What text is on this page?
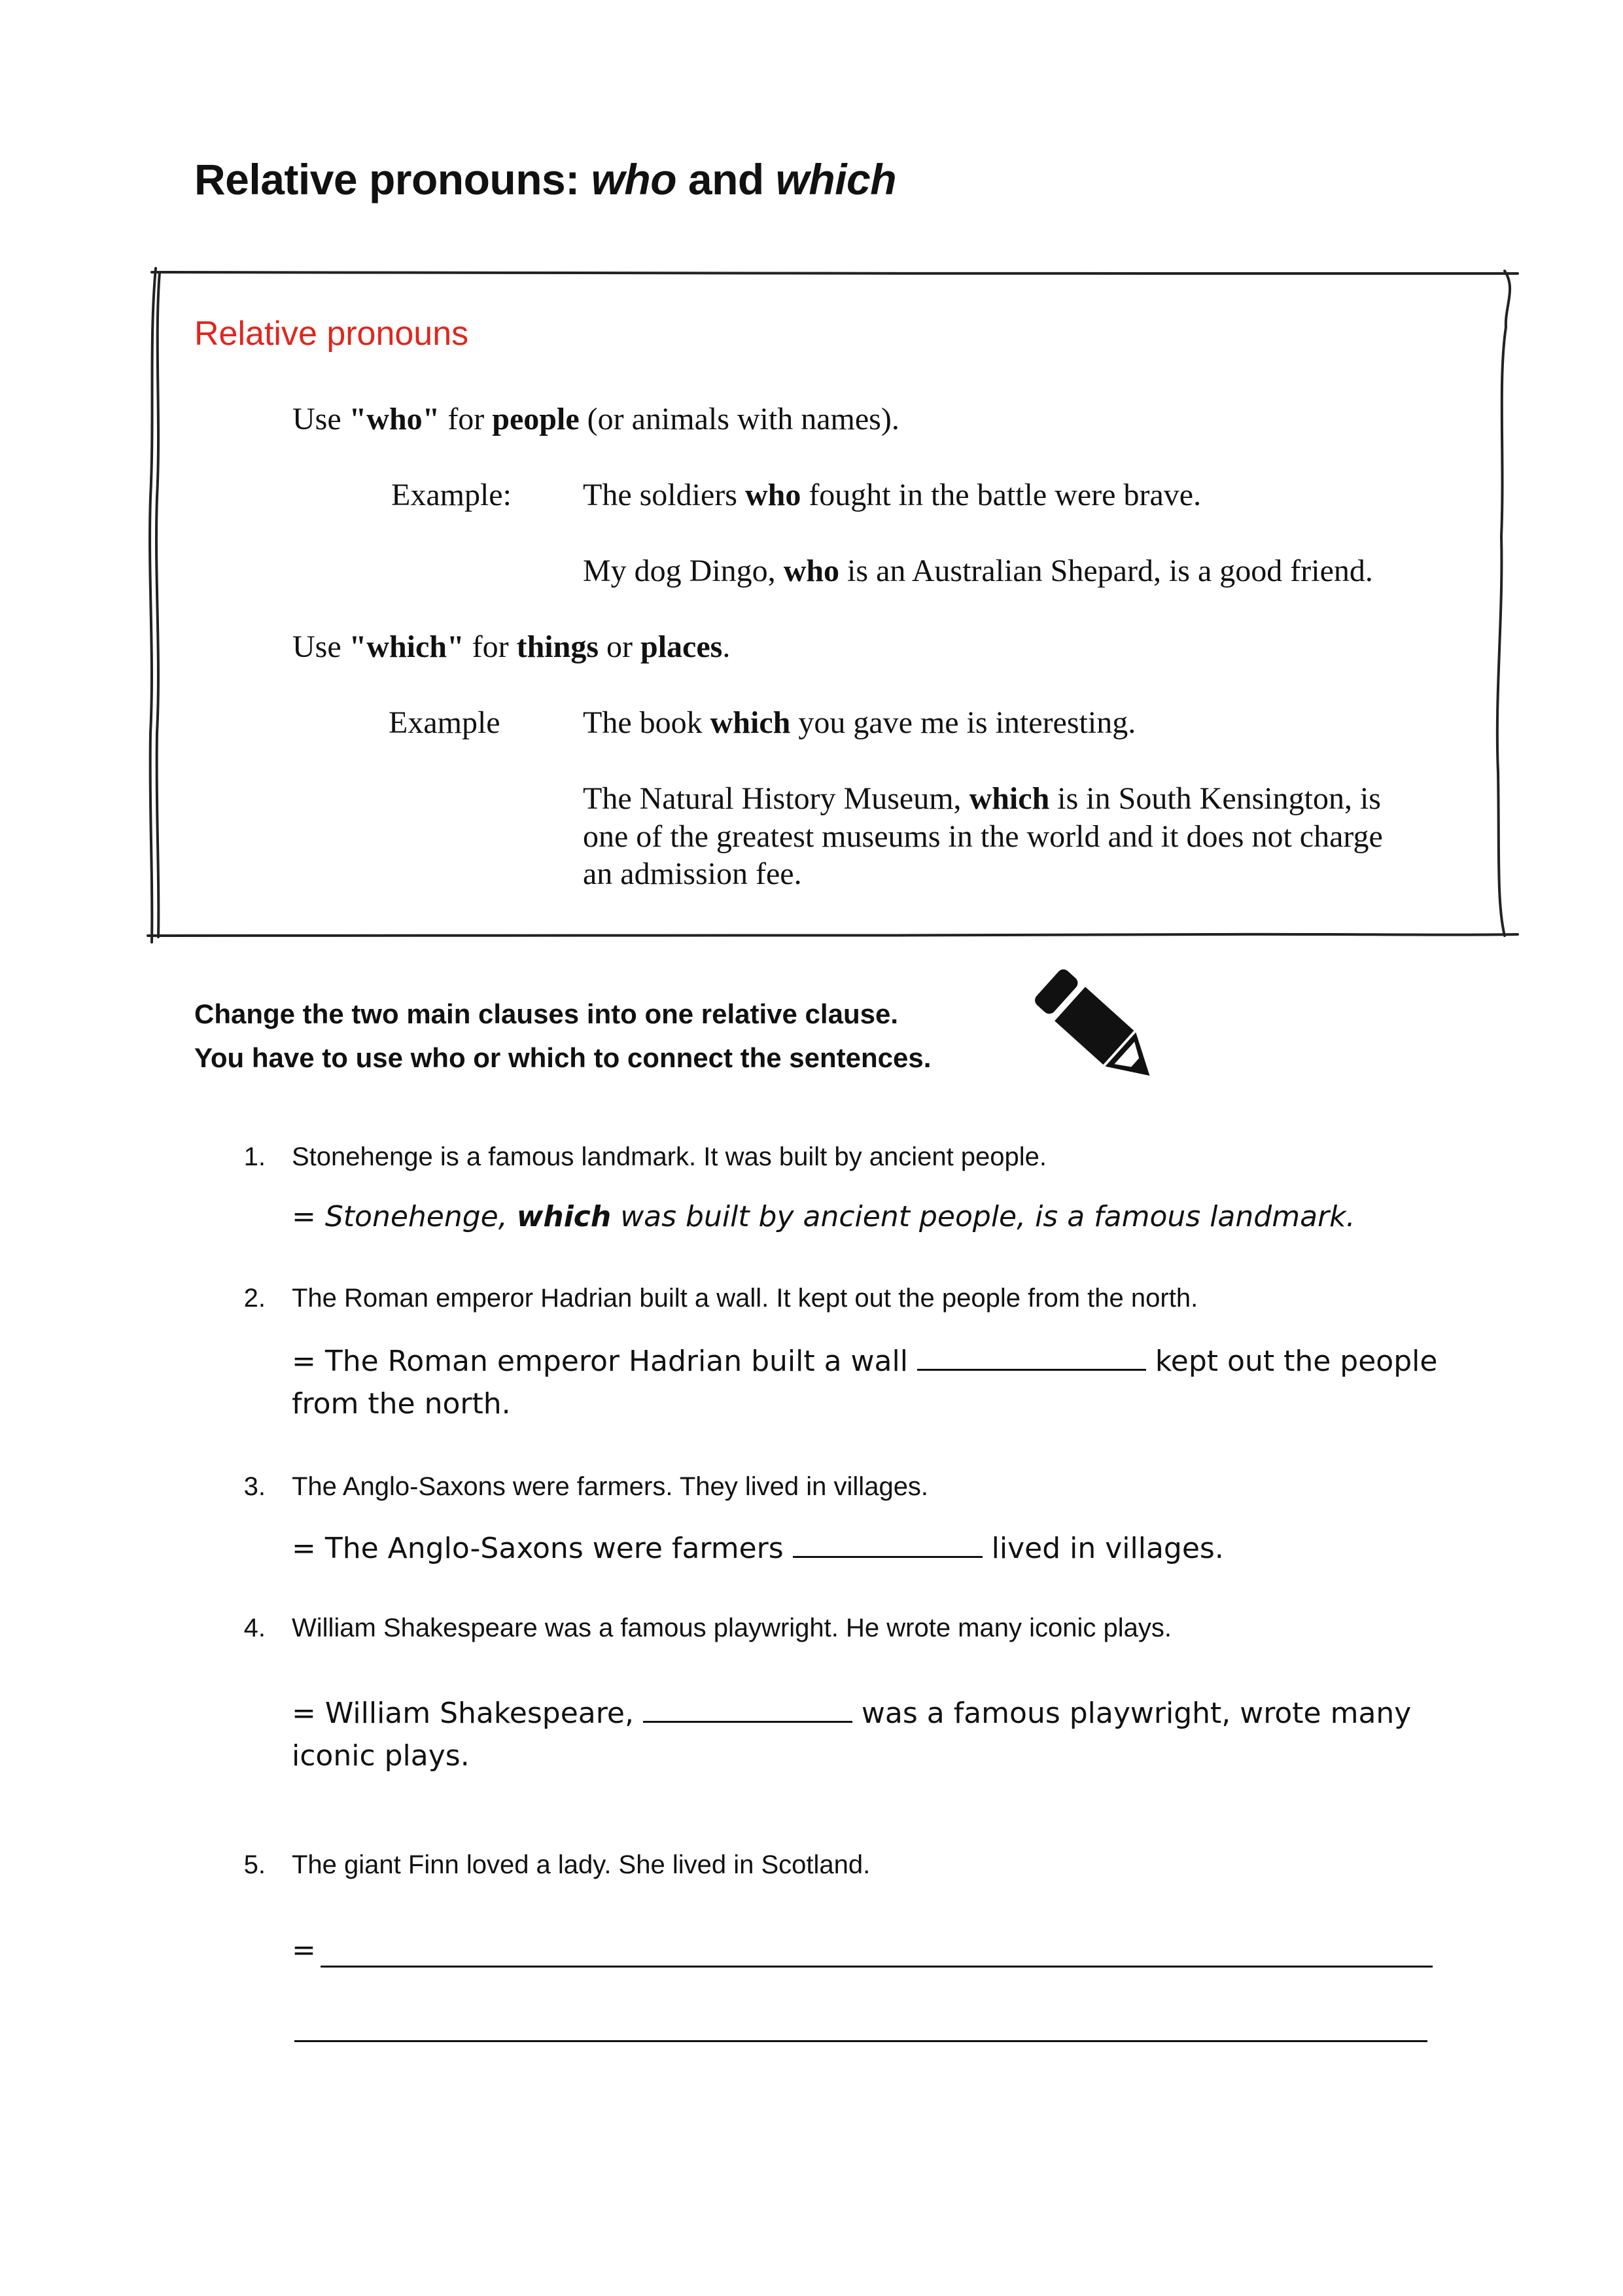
Relative pronouns: who and which
Relative pronouns
Use "who" for people (or animals with names).
Example: The soldiers who fought in the battle were brave.
My dog Dingo, who is an Australian Shepard, is a good friend.
Use "which" for things or places.
Example	The book which you gave me is interesting.
The Natural History Museum, which is in South Kensington, is
one of the greatest museums in the world and it does not charge
an admission fee.
Change the two main clauses into one relative clause.
You have to use who or which to connect the sentences.
1. Stonehenge is a famous landmark. It was built by ancient people.
= Stonehenge, which was built by ancient people, is a famous landmark.
2. The Roman emperor Hadrian built a wall. It kept out the people from the north.
= The Roman emperor Hadrian built a wall	kept out the people
from the north.
3. The Anglo-Saxons were farmers. They lived in villages.
= The Anglo-Saxons were farmers	lived in villages.
4. William Shakespeare was a famous playwright. He wrote many iconic plays.
= William Shakespeare,	was a famous playwright, wrote many
iconic plays.
5. The giant Finn loved a lady. She lived in Scotland.
=
